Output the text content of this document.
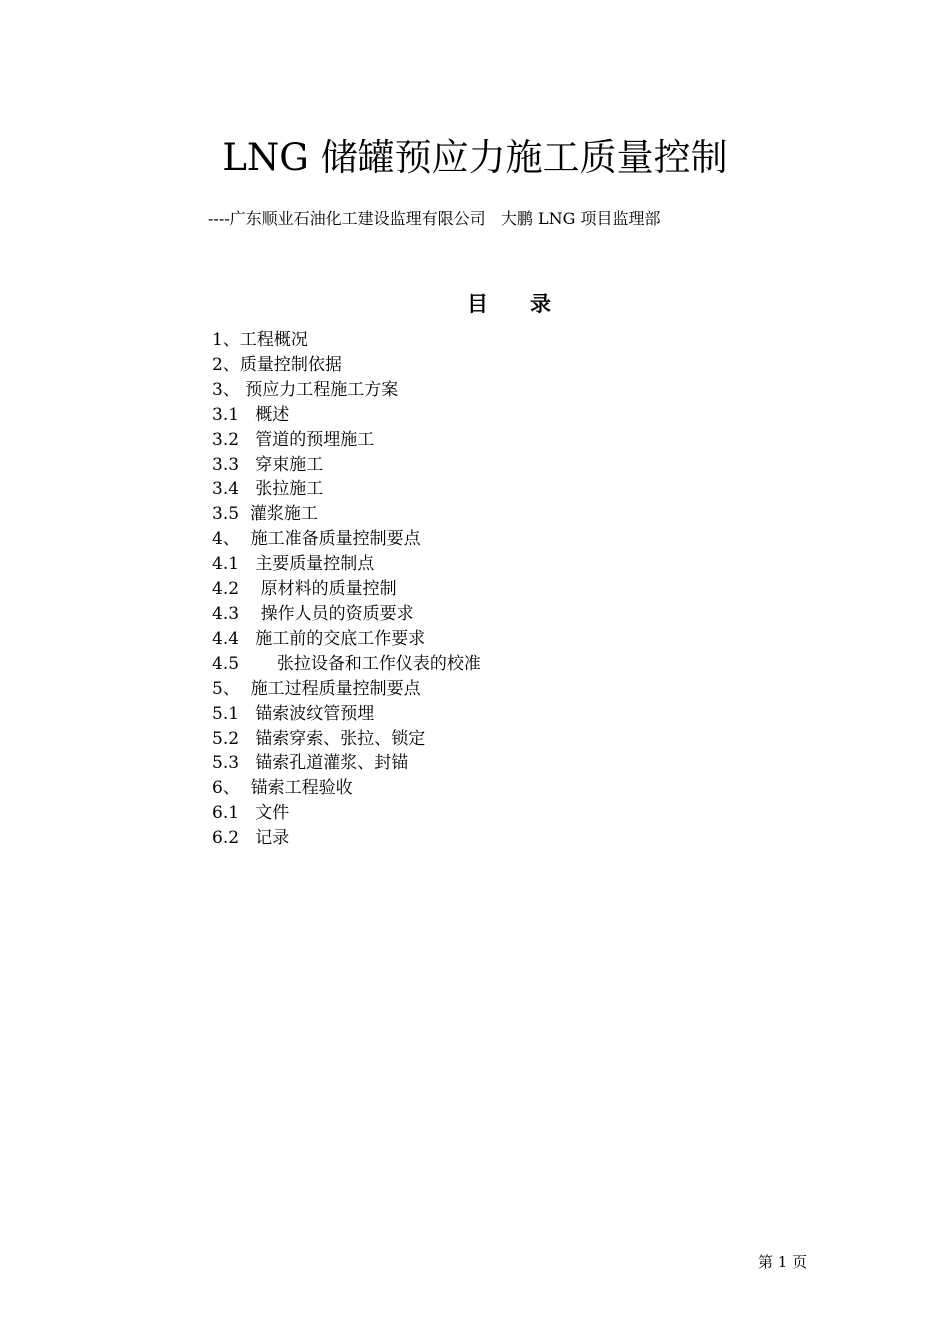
LNG 储罐预应力施工质量控制
----广东顺业石油化工建设监理有限公司   大鹏 LNG 项目监理部
目 录
1、工程概况
2、质量控制依据
3、 预应力工程施工方案
3.1   概述
3.2   管道的预埋施工
3.3   穿束施工
3.4   张拉施工
3.5  灌浆施工
4、  施工准备质量控制要点
4.1   主要质量控制点
4.2    原材料的质量控制
4.3    操作人员的资质要求
4.4   施工前的交底工作要求
4.5       张拉设备和工作仪表的校准
5、  施工过程质量控制要点
5.1   锚索波纹管预埋
5.2   锚索穿索、张拉、锁定
5.3   锚索孔道灌浆、封锚
6、  锚索工程验收
6.1   文件
6.2   记录
第 1 页
